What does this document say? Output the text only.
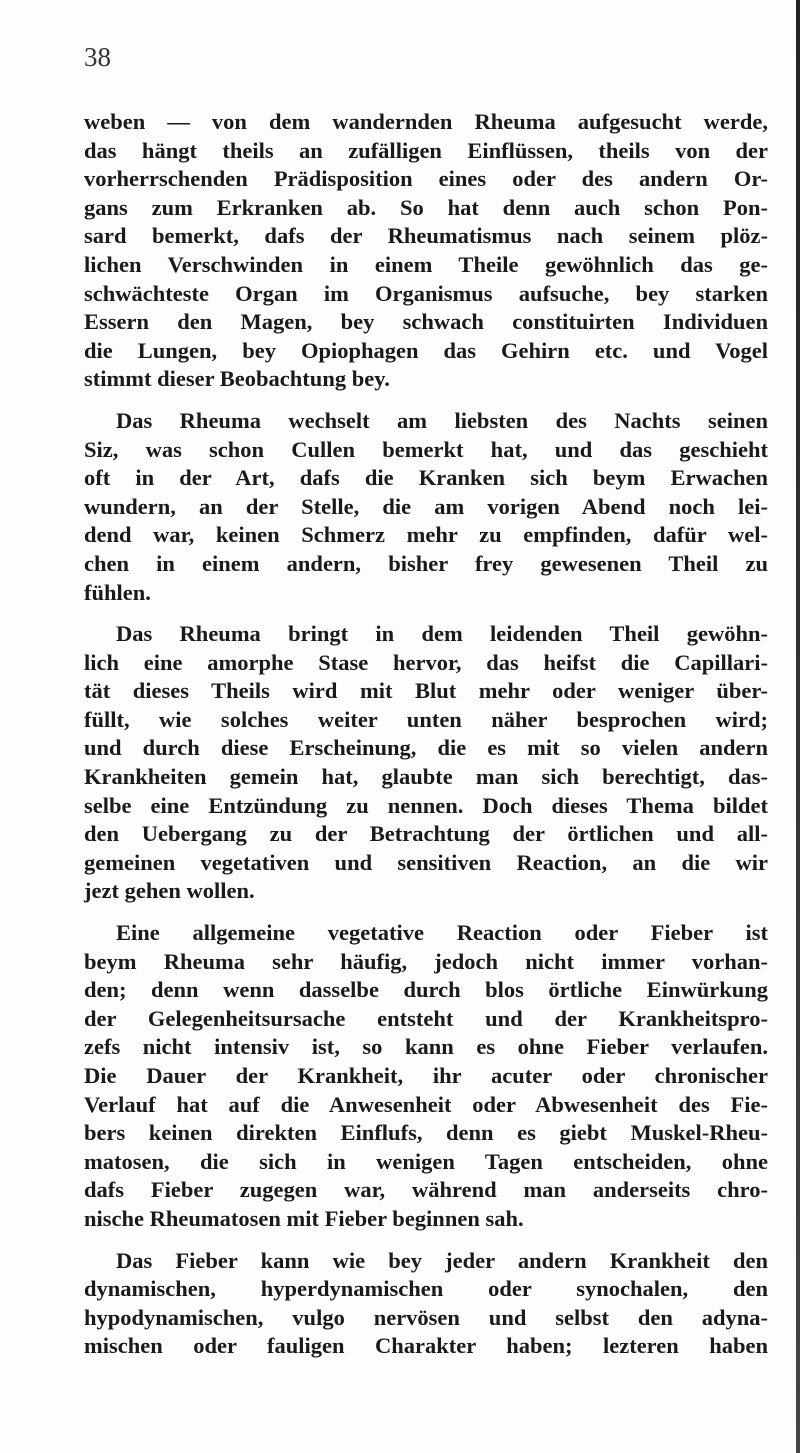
38
weben — von dem wandernden Rheuma aufgesucht werde,
das hängt theils an zufälligen Einflüssen, theils von der
vorherrschenden Prädisposition eines oder des andern Or-
gans zum Erkranken ab. So hat denn auch schon Pon-
sard bemerkt, dafs der Rheumatismus nach seinem plöz-
lichen Verschwinden in einem Theile gewöhnlich das ge-
schwächteste Organ im Organismus aufsuche, bey starken
Essern den Magen, bey schwach constituirten Individuen
die Lungen, bey Opiophagen das Gehirn etc. und Vogel
stimmt dieser Beobachtung bey.
Das Rheuma wechselt am liebsten des Nachts seinen
Siz, was schon Cullen bemerkt hat, und das geschieht
oft in der Art, dafs die Kranken sich beym Erwachen
wundern, an der Stelle, die am vorigen Abend noch lei-
dend war, keinen Schmerz mehr zu empfinden, dafür wel-
chen in einem andern, bisher frey gewesenen Theil zu
fühlen.
Das Rheuma bringt in dem leidenden Theil gewöhn-
lich eine amorphe Stase hervor, das heifst die Capillari-
tät dieses Theils wird mit Blut mehr oder weniger über-
füllt, wie solches weiter unten näher besprochen wird;
und durch diese Erscheinung, die es mit so vielen andern
Krankheiten gemein hat, glaubte man sich berechtigt, das-
selbe eine Entzündung zu nennen. Doch dieses Thema bildet
den Uebergang zu der Betrachtung der örtlichen und all-
gemeinen vegetativen und sensitiven Reaction, an die wir
jezt gehen wollen.
Eine allgemeine vegetative Reaction oder Fieber ist
beym Rheuma sehr häufig, jedoch nicht immer vorhan-
den; denn wenn dasselbe durch blos örtliche Einwürkung
der Gelegenheitsursache entsteht und der Krankheitspro-
zefs nicht intensiv ist, so kann es ohne Fieber verlaufen.
Die Dauer der Krankheit, ihr acuter oder chronischer
Verlauf hat auf die Anwesenheit oder Abwesenheit des Fie-
bers keinen direkten Einflufs, denn es giebt Muskel-Rheu-
matosen, die sich in wenigen Tagen entscheiden, ohne
dafs Fieber zugegen war, während man anderseits chro-
nische Rheumatosen mit Fieber beginnen sah.
Das Fieber kann wie bey jeder andern Krankheit den
dynamischen, hyperdynamischen oder synochalen, den
hypodynamischen, vulgo nervösen und selbst den adyna-
mischen oder fauligen Charakter haben; lezteren haben
